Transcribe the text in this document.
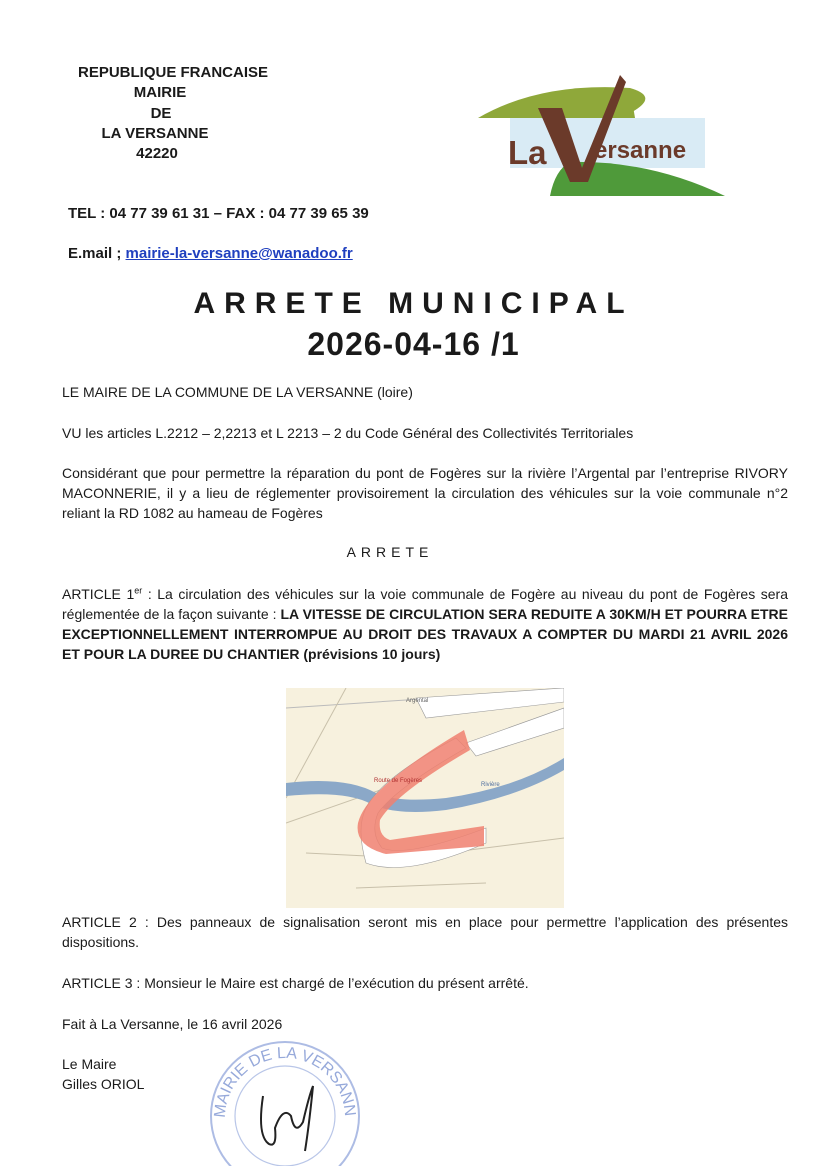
REPUBLIQUE FRANCAISE
MAIRIE
DE
LA VERSANNE
42220
TEL : 04 77 39 61 31 – FAX : 04 77 39 65 39
E.mail ; mairie-la-versanne@wanadoo.fr
La ersanne
ARRETE MUNICIPAL
2026-04-16 /1
LE MAIRE DE LA COMMUNE DE LA VERSANNE (loire)
VU les articles L.2212 – 2,2213 et L 2213 – 2 du Code Général des Collectivités Territoriales
Considérant que pour permettre la réparation du pont de Fogères sur la rivière l’Argental par l’entreprise RIVORY MACONNERIE, il y a lieu de réglementer provisoirement la circulation des véhicules sur la voie communale n°2 reliant la RD 1082 au hameau de Fogères
ARRETE
ARTICLE 1er : La circulation des véhicules sur la voie communale de Fogère au niveau du pont de Fogères sera réglementée de la façon suivante : LA VITESSE DE CIRCULATION SERA REDUITE A 30KM/H ET POURRA ETRE EXCEPTIONNELLEMENT INTERROMPUE AU DROIT DES TRAVAUX A COMPTER DU MARDI 21 AVRIL 2026 ET POUR LA DUREE DU CHANTIER (prévisions 10 jours)
Route de Fogères
Rivière
Argental
ARTICLE 2 : Des panneaux de signalisation seront mis en place pour permettre l’application des présentes dispositions.
ARTICLE 3 : Monsieur le Maire est chargé de l’exécution du présent arrêté.
Fait à La Versanne, le 16 avril 2026
Le Maire
Gilles ORIOL
MAIRIE DE LA VERSANN
